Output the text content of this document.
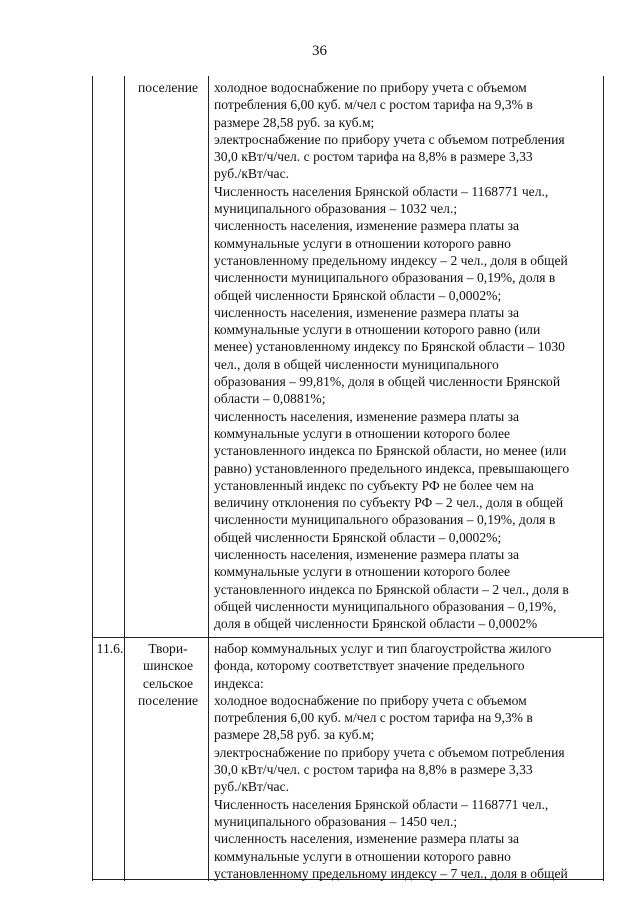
36
поселение	холодное водоснабжение по прибору учета с объемом
потребления 6,00 куб. м/чел с ростом тарифа на 9,3% в
размере 28,58 руб. за куб.м;
электроснабжение по прибору учета с объемом потребления
30,0 кВт/ч/чел. с ростом тарифа на 8,8% в размере 3,33
руб./кВт/час.
Численность населения Брянской области – 1168771 чел.,
муниципального образования – 1032 чел.;
численность населения, изменение размера платы за
коммунальные услуги в отношении которого равно
установленному предельному индексу – 2 чел., доля в общей
численности муниципального образования – 0,19%, доля в
общей численности Брянской области – 0,0002%;
численность населения, изменение размера платы за
коммунальные услуги в отношении которого равно (или
менее) установленному индексу по Брянской области – 1030
чел., доля в общей численности муниципального
образования – 99,81%, доля в общей численности Брянской
области – 0,0881%;
численность населения, изменение размера платы за
коммунальные услуги в отношении которого более
установленного индекса по Брянской области, но менее (или
равно) установленного предельного индекса, превышающего
установленный индекс по субъекту РФ не более чем на
величину отклонения по субъекту РФ – 2 чел., доля в общей
численности муниципального образования – 0,19%, доля в
общей численности Брянской области – 0,0002%;
численность населения, изменение размера платы за
коммунальные услуги в отношении которого более
установленного индекса по Брянской области – 2 чел., доля в
общей численности муниципального образования – 0,19%,
доля в общей численности Брянской области – 0,0002%
11.6.	Твори-
шинское
сельское
поселение
набор коммунальных услуг и тип благоустройства жилого
фонда, которому соответствует значение предельного
индекса:
холодное водоснабжение по прибору учета с объемом
потребления 6,00 куб. м/чел с ростом тарифа на 9,3% в
размере 28,58 руб. за куб.м;
электроснабжение по прибору учета с объемом потребления
30,0 кВт/ч/чел. с ростом тарифа на 8,8% в размере 3,33
руб./кВт/час.
Численность населения Брянской области – 1168771 чел.,
муниципального образования – 1450 чел.;
численность населения, изменение размера платы за
коммунальные услуги в отношении которого равно
установленному предельному индексу – 7 чел., доля в общей
